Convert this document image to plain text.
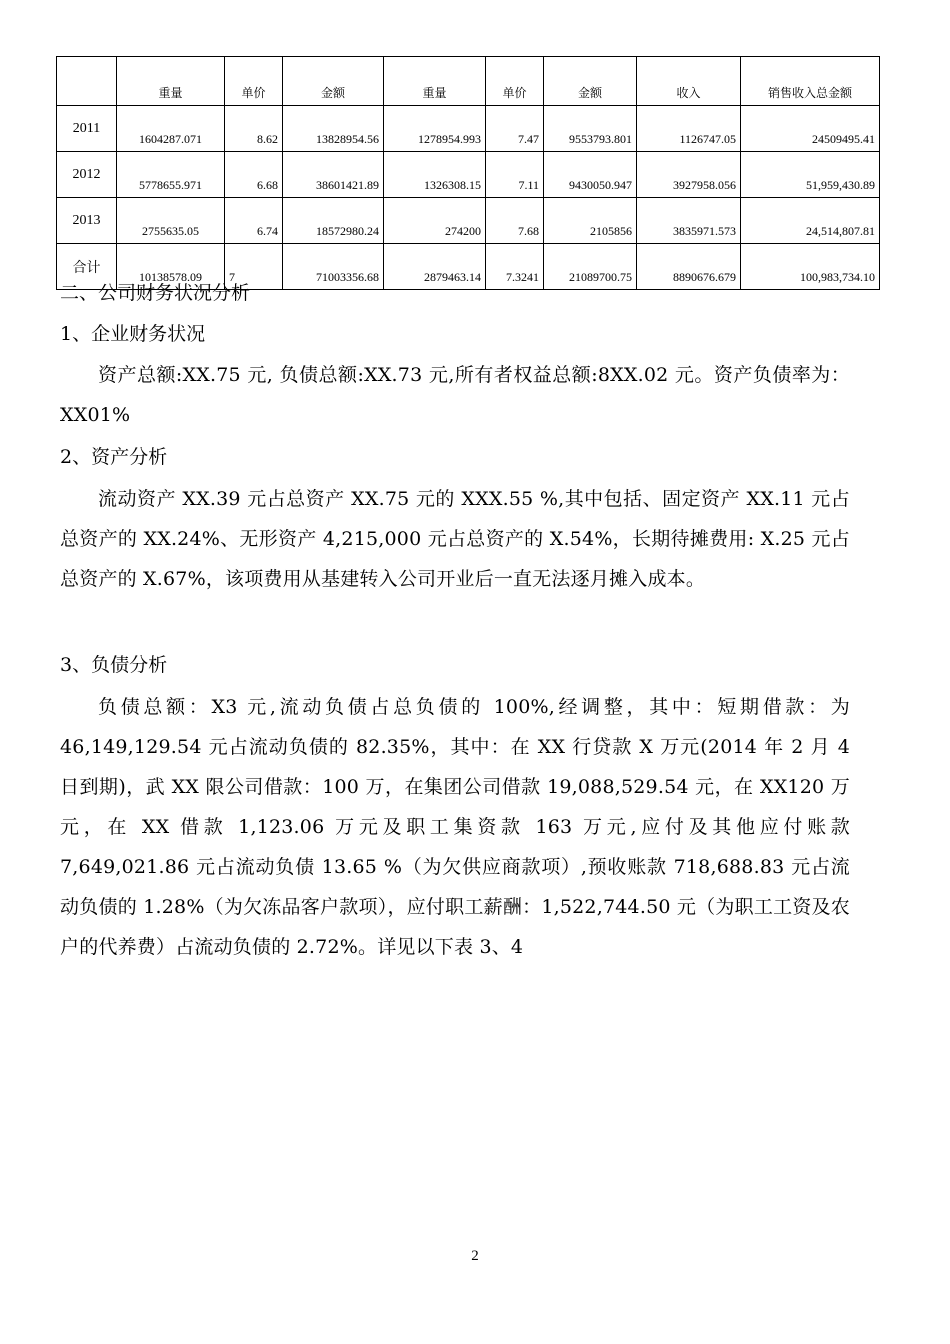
	重量	单价	金额	重量	单价	金额	收入	销售收入总金额
2011	1604287.071	8.62	13828954.56	1278954.993	7.47	9553793.801	1126747.05	24509495.41
2012	5778655.971	6.68	38601421.89	1326308.15	7.11	9430050.947	3927958.056	51,959,430.89
2013	2755635.05	6.74	18572980.24	274200	7.68	2105856	3835971.573	24,514,807.81
合计	10138578.09	7	71003356.68	2879463.14	7.3241	21089700.75	8890676.679	100,983,734.10
二、公司财务状况分析
1、企业财务状况

资产总额:XX.75 元, 负债总额:XX.73 元,所有者权益总额:8XX.02 元。资产负债率为：XX01%

2、资产分析

流动资产 XX.39 元占总资产 XX.75 元的 XXX.55 %,其中包括、固定资产 XX.11 元占总资产的 XX.24%、无形资产 4,215,000 元占总资产的 X.54%，长期待摊费用: X.25 元占总资产的 X.67%，该项费用从基建转入公司开业后一直无法逐月摊入成本。

3、负债分析

负债总额：X3 元,流动负债占总负债的 100%,经调整，其中：短期借款：为 46,149,129.54 元占流动负债的 82.35%，其中：在 XX 行贷款 X 万元(2014 年 2 月 4 日到期)，武 XX 限公司借款：100 万，在集团公司借款 19,088,529.54 元，在 XX120 万元，在 XX 借款 1,123.06 万元及职工集资款 163 万元,应付及其他应付账款 7,649,021.86 元占流动负债 13.65 %（为欠供应商款项）,预收账款 718,688.83 元占流动负债的 1.28%（为欠冻品客户款项），应付职工薪酬：1,522,744.50 元（为职工工资及农户的代养费）占流动负债的 2.72%。详见以下表 3、4

2
